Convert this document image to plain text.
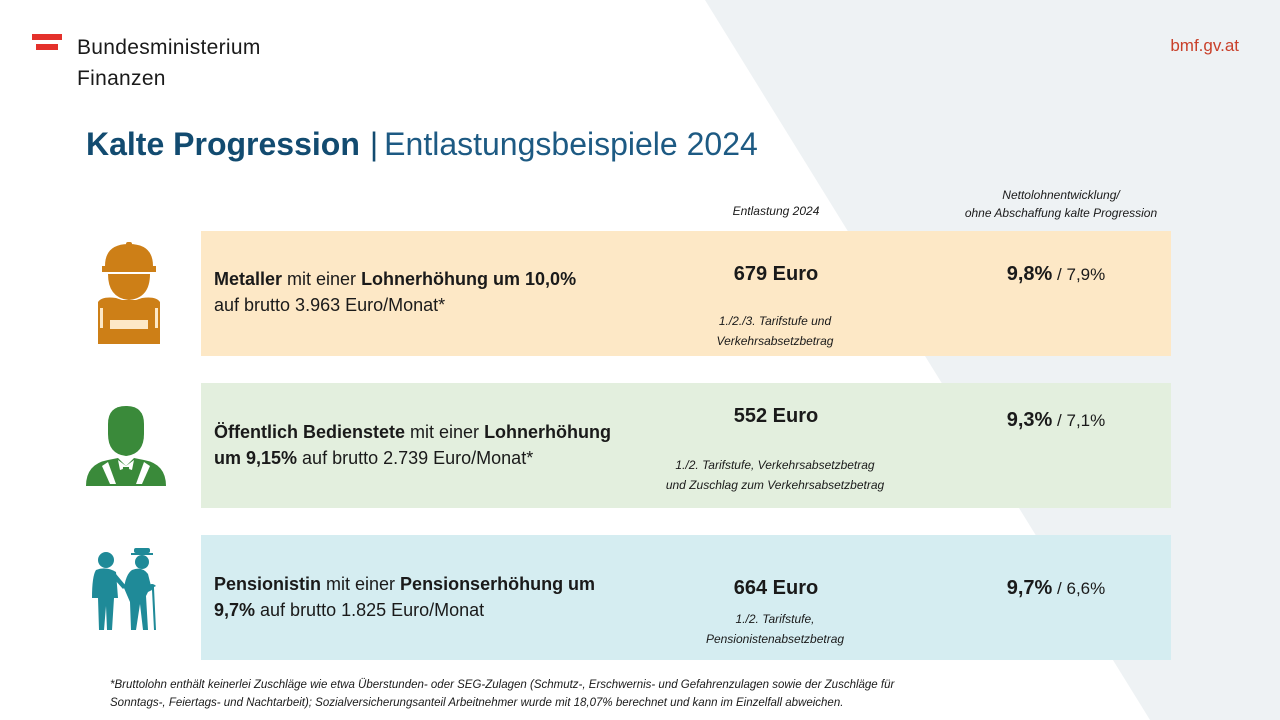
Bundesministerium
Finanzen
bmf.gv.at
Kalte Progression | Entlastungsbeispiele 2024
Entlastung 2024
Nettolohnentwicklung/
ohne Abschaffung kalte Progression
Metaller mit einer Lohnerhöhung um 10,0%
auf brutto 3.963 Euro/Monat*
679 Euro
1./2./3. Tarifstufe und
Verkehrsabsetzbetrag
9,8% / 7,9%
Öffentlich Bedienstete mit einer Lohnerhöhung
um 9,15% auf brutto 2.739 Euro/Monat*
552 Euro
1./2. Tarifstufe, Verkehrsabsetzbetrag
und Zuschlag zum Verkehrsabsetzbetrag
9,3% / 7,1%
Pensionistin mit einer Pensionserhöhung um
9,7% auf brutto 1.825 Euro/Monat
664 Euro
1./2. Tarifstufe,
Pensionistenabsetzbetrag
9,7% / 6,6%
*Bruttolohn enthält keinerlei Zuschläge wie etwa Überstunden- oder SEG-Zulagen (Schmutz-, Erschwernis- und Gefahrenzulagen sowie der Zuschläge für
Sonntags-, Feiertags- und Nachtarbeit); Sozialversicherungsanteil Arbeitnehmer wurde mit 18,07% berechnet und kann im Einzelfall abweichen.
